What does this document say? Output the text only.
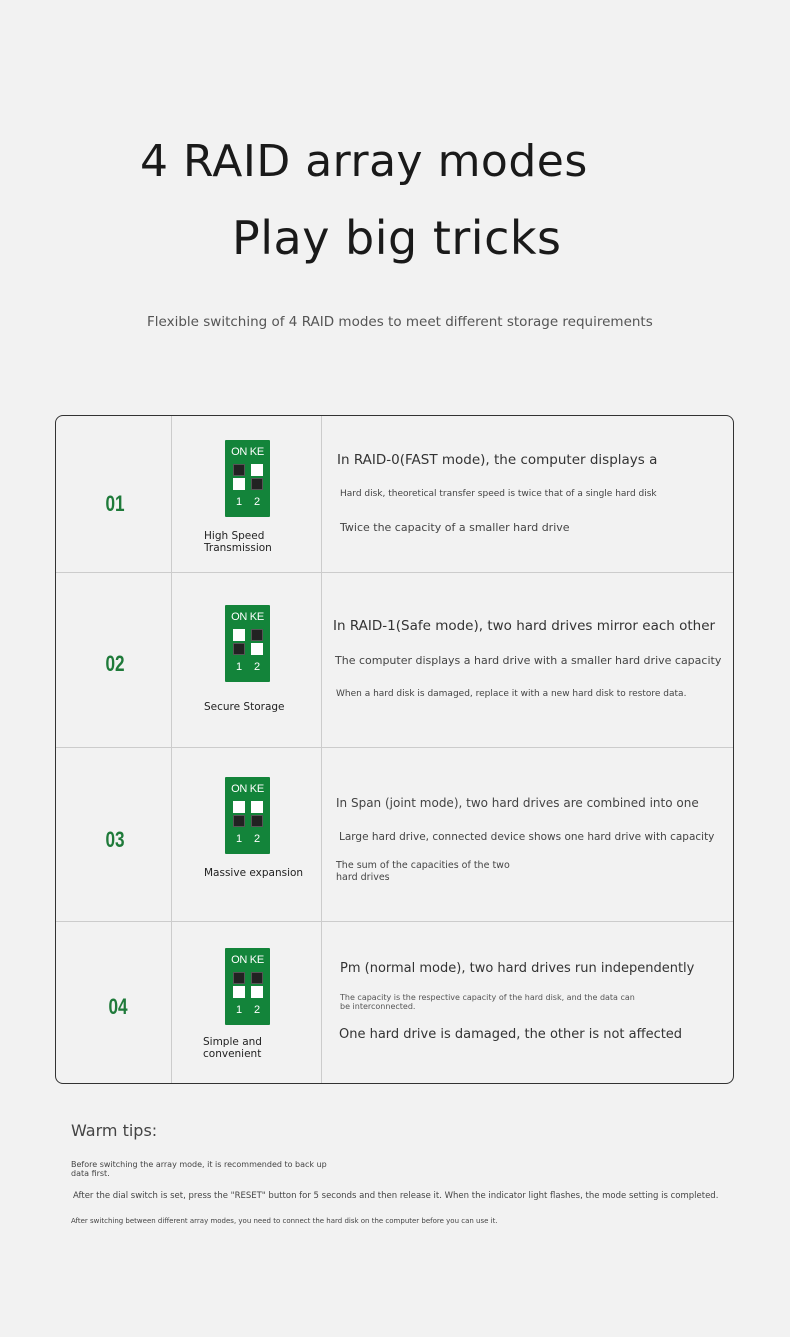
4 RAID array modes
Play big tricks
Flexible switching of 4 RAID modes to meet different storage requirements
01
ON KE
1 2
High Speed Transmission
In RAID-0(FAST mode), the computer displays a
Hard disk, theoretical transfer speed is twice that of a single hard disk
Twice the capacity of a smaller hard drive
02
ON KE
1 2
Secure Storage
In RAID-1(Safe mode), two hard drives mirror each other
The computer displays a hard drive with a smaller hard drive capacity
When a hard disk is damaged, replace it with a new hard disk to restore data.
03
ON KE
1 2
Massive expansion
In Span (joint mode), two hard drives are combined into one
Large hard drive, connected device shows one hard drive with capacity
The sum of the capacities of the two hard drives
04
ON KE
1 2
Simple and convenient
Pm (normal mode), two hard drives run independently
The capacity is the respective capacity of the hard disk, and the data can be interconnected.
One hard drive is damaged, the other is not affected
Warm tips:
Before switching the array mode, it is recommended to back up data first.
After the dial switch is set, press the "RESET" button for 5 seconds and then release it. When the indicator light flashes, the mode setting is completed.
After switching between different array modes, you need to connect the hard disk on the computer before you can use it.
